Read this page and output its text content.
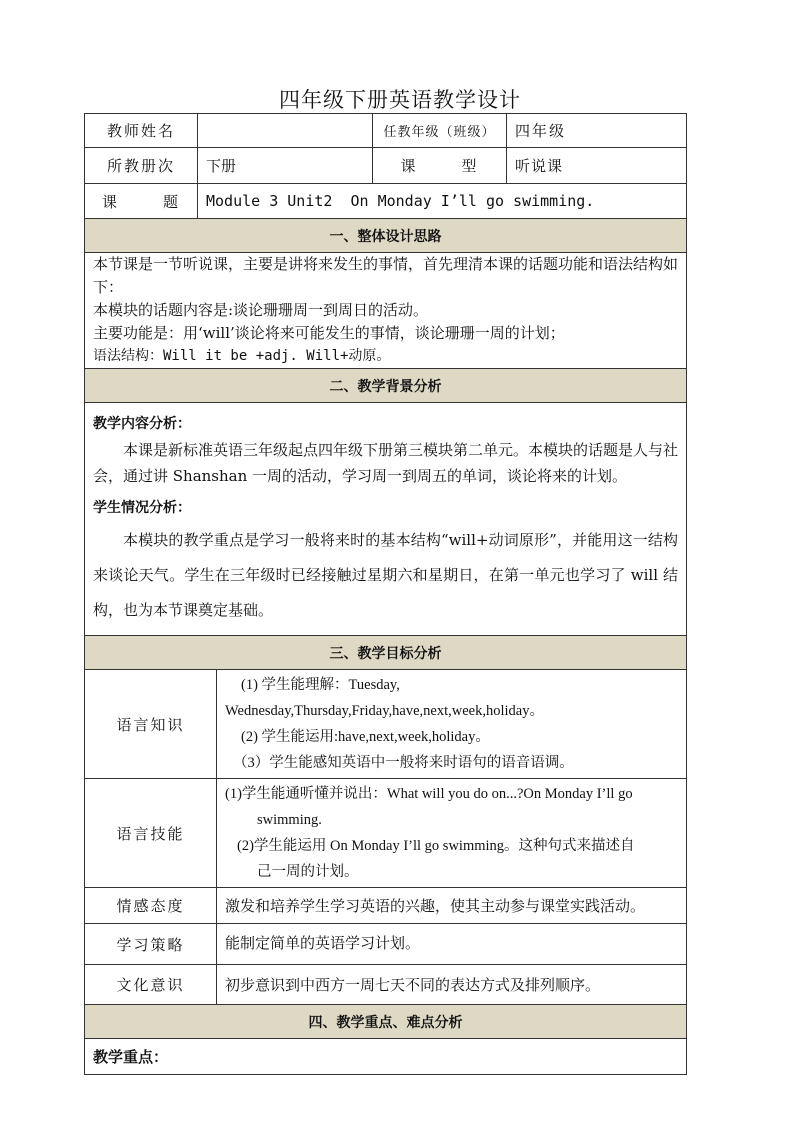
四年级下册英语教学设计
教师姓名			任教年级（班级）	四年级
所教册次	下册		课    型	听说课
课    题	Module 3 Unit2  On Monday I’ll go swimming.			
一、整体设计思路				

本节课是一节听说课，主要是讲将来发生的事情，首先理清本课的话题功能和语法结构如下：

本模块的话题内容是:谈论珊珊周一到周日的活动。

主要功能是：用‘will’谈论将来可能发生的事情，谈论珊珊一周的计划；

语法结构：Will it be +adj. Will+动原。				

二、教学背景分析				

教学内容分析：
本课是新标准英语三年级起点四年级下册第三模块第二单元。本模块的话题是人与社会，通过讲 Shanshan 一周的活动，学习周一到周五的单词，谈论将来的计划。
学生情况分析：
本模块的教学重点是学习一般将来时的基本结构“will+动词原形”，并能用这一结构来谈论天气。学生在三年级时已经接触过星期六和星期日，在第一单元也学习了 will 结构，也为本节课奠定基础。				

三、教学目标分析				
语言知识		(1) 学生能理解：Tuesday,

Wednesday,Thursday,Friday,have,next,week,holiday。

(2) 学生能运用:have,next,week,holiday。

（3）学生能感知英语中一般将来时语句的语音语调。		

语言技能		(1)学生能通听懂并说出：What will you do on...?On Monday I’ll go

swimming.

(2)学生能运用 On Monday I’ll go swimming。这种句式来描述自

己一周的计划。		

情感态度		激发和培养学生学习英语的兴趣，使其主动参与课堂实践活动。		
学习策略		能制定简单的英语学习计划。		
文化意识		初步意识到中西方一周七天不同的表达方式及排列顺序。		
四、教学重点、难点分析				
教学重点：				
